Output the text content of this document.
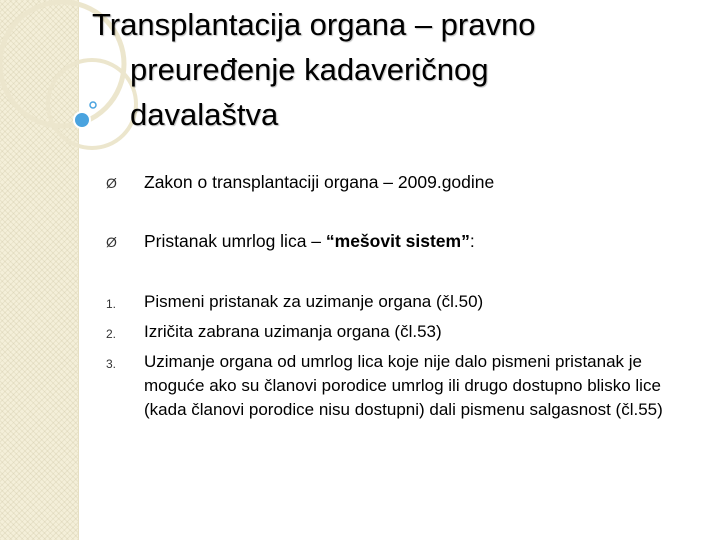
Transplantacija organa – pravno
preuređenje kadaveričnog
davalaštva
Ø Zakon o transplantaciji organa – 2009.godine
Ø Pristanak umrlog lica – “mešovit sistem”:
1.	Pismeni pristanak za uzimanje organa (čl.50)
2.	Izričita zabrana uzimanja organa (čl.53)
3.	Uzimanje organa od umrlog lica koje nije dalo pismeni pristanak je moguće ako su članovi porodice umrlog ili drugo dostupno blisko lice (kada članovi porodice nisu dostupni) dali pismenu salgasnost (čl.55)
